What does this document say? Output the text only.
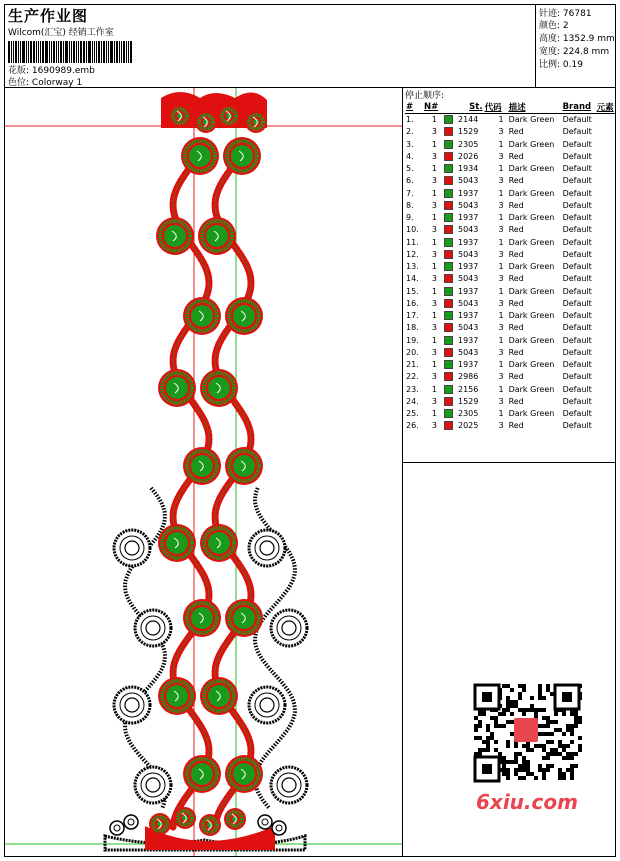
生产作业图
Wilcom(汇宝) 经销工作室
花版: 1690989.emb
色位: Colorway 1
针迹: 76781
颜色: 2
高度: 1352.9 mm
宽度: 224.8 mm
比例: 0.19
停止顺序:
#	N#	St.		代码	描述	Brand	元素
1.	1		2144	1	Dark Green	Default	
2.	3		1529	3	Red	Default	
3.	1		2305	1	Dark Green	Default	
4.	3		2026	3	Red	Default	
5.	1		1934	1	Dark Green	Default	
6.	3		5043	3	Red	Default	
7.	1		1937	1	Dark Green	Default	
8.	3		5043	3	Red	Default	
9.	1		1937	1	Dark Green	Default	
10.	3		5043	3	Red	Default	
11.	1		1937	1	Dark Green	Default	
12.	3		5043	3	Red	Default	
13.	1		1937	1	Dark Green	Default	
14.	3		5043	3	Red	Default	
15.	1		1937	1	Dark Green	Default	
16.	3		5043	3	Red	Default	
17.	1		1937	1	Dark Green	Default	
18.	3		5043	3	Red	Default	
19.	1		1937	1	Dark Green	Default	
20.	3		5043	3	Red	Default	
21.	1		1937	1	Dark Green	Default	
22.	3		2986	3	Red	Default	
23.	1		2156	1	Dark Green	Default	
24.	3		1529	3	Red	Default	
25.	1		2305	1	Dark Green	Default	
26.	3		2025	3	Red	Default	
6xiu.com
